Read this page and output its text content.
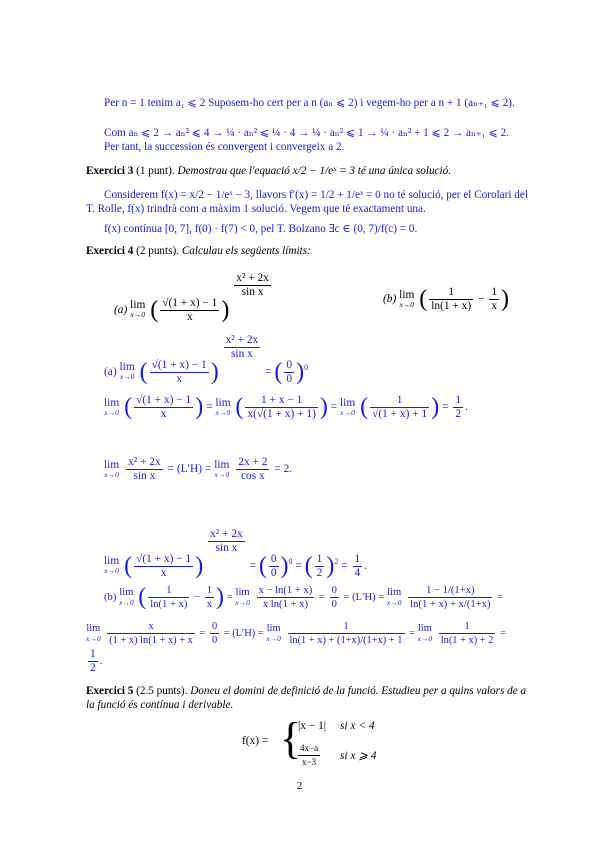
Per n = 1 tenim a₁ ⩽ 2 Suposem-ho cert per a n (aₙ ⩽ 2) i vegem-ho per a n + 1 (aₙ₊₁ ⩽ 2).
Com aₙ ⩽ 2 → aₙ² ⩽ 4 → ¼ · aₙ² ⩽ ¼ · 4 → ¼ · aₙ² ⩽ 1 → ¼ · aₙ² + 1 ⩽ 2 → aₙ₊₁ ⩽ 2.
Per tant, la succession és convergent i convergeix a 2.
Exercici 3 (1 punt). Demostrau que l'equació x/2 − 1/eˣ = 3 té una única solució.
Considerem f(x) = x/2 − 1/eˣ − 3, llavors f′(x) = 1/2 + 1/eˣ = 0 no té solució, per el Corolari del T. Rolle, f(x) trindrà com a màxim 1 solució. Vegem que té exactament una.
f(x) contínua [0, 7], f(0) · f(7) < 0, pel T. Bolzano ∃c ∈ (0, 7)/f(c) = 0.
Exercici 4 (2 punts). Calculau els següents límits:
(a) lim
x→0 ( $\frac{√(1 + x) - 1}{x}$ )
$\frac{\text{x² + 2x}}{\text{sin x}}$
(b) lim
x→0 ( $\frac{1}{\ln(1 + x)} - \frac{1}{x}$ )
(a) lim
x→0 ( $\frac{√(1 + x) - 1}{x}$ )
$\frac{\text{x² + 2x}}{\text{sin x}}$
= ( $\frac{0}{0} )^0$
lim
x→0 ( $\frac{√(1 + x) - 1}{x}$ ) = lim
x→0 ( $\frac{1 + x - 1}{x(√(1 + x) + 1)}$ ) = lim
x→0 ( $\frac{1}{√(1 + x) + 1}$ ) = $\frac{1}{2}$ .
lim
x→0
$\frac{\text{x² + 2x}}{\text{sin x}} = (L'H) = \lim$
x→0
$\frac{2x + 2}{\text{cos x}} = 2$.
lim
x→0 ( $\frac{√(1 + x) - 1}{x}$ )
$\frac{\text{x² + 2x}}{\text{sin x}}$
= ( $\frac{0}{0} )^0$ = ( $\frac{1}{2} )^2 = \frac{1}{4}$ .
(b) lim
x→0 ( $\frac{1}{\ln(1 + x)} - \frac{1}{x}$ ) = lim
x→0
$\frac{x - \ln(1 + x)}{\text{x ln(1 + x)}} = \frac{0}{0} = (L'H) = \lim$
x→0
$\frac{1 - 1/(1+x)}{\ln(1 + x) + x/(1+x)}$ =
lim
x→0
$\frac{x}{(1 + x) \ln(1 + x) + x} = \frac{0}{0} = (L'H) = \lim$
x→0
$\frac{1}{\ln(1 + x) + (1+x)/(1+x) + 1} = \lim$
x→0
$\frac{1}{\ln(1 + x) + 2}$ =
$\frac{1}{2}$ .
Exercici 5 (2.5 punts). Doneu el domini de definició de la funció. Estudieu per a quins valors de a la funció és contínua i derivable.
f(x) = {
|x − 1| si x < 4
$\frac{4x-a}{x-3}$ si x ⩾ 4
2
